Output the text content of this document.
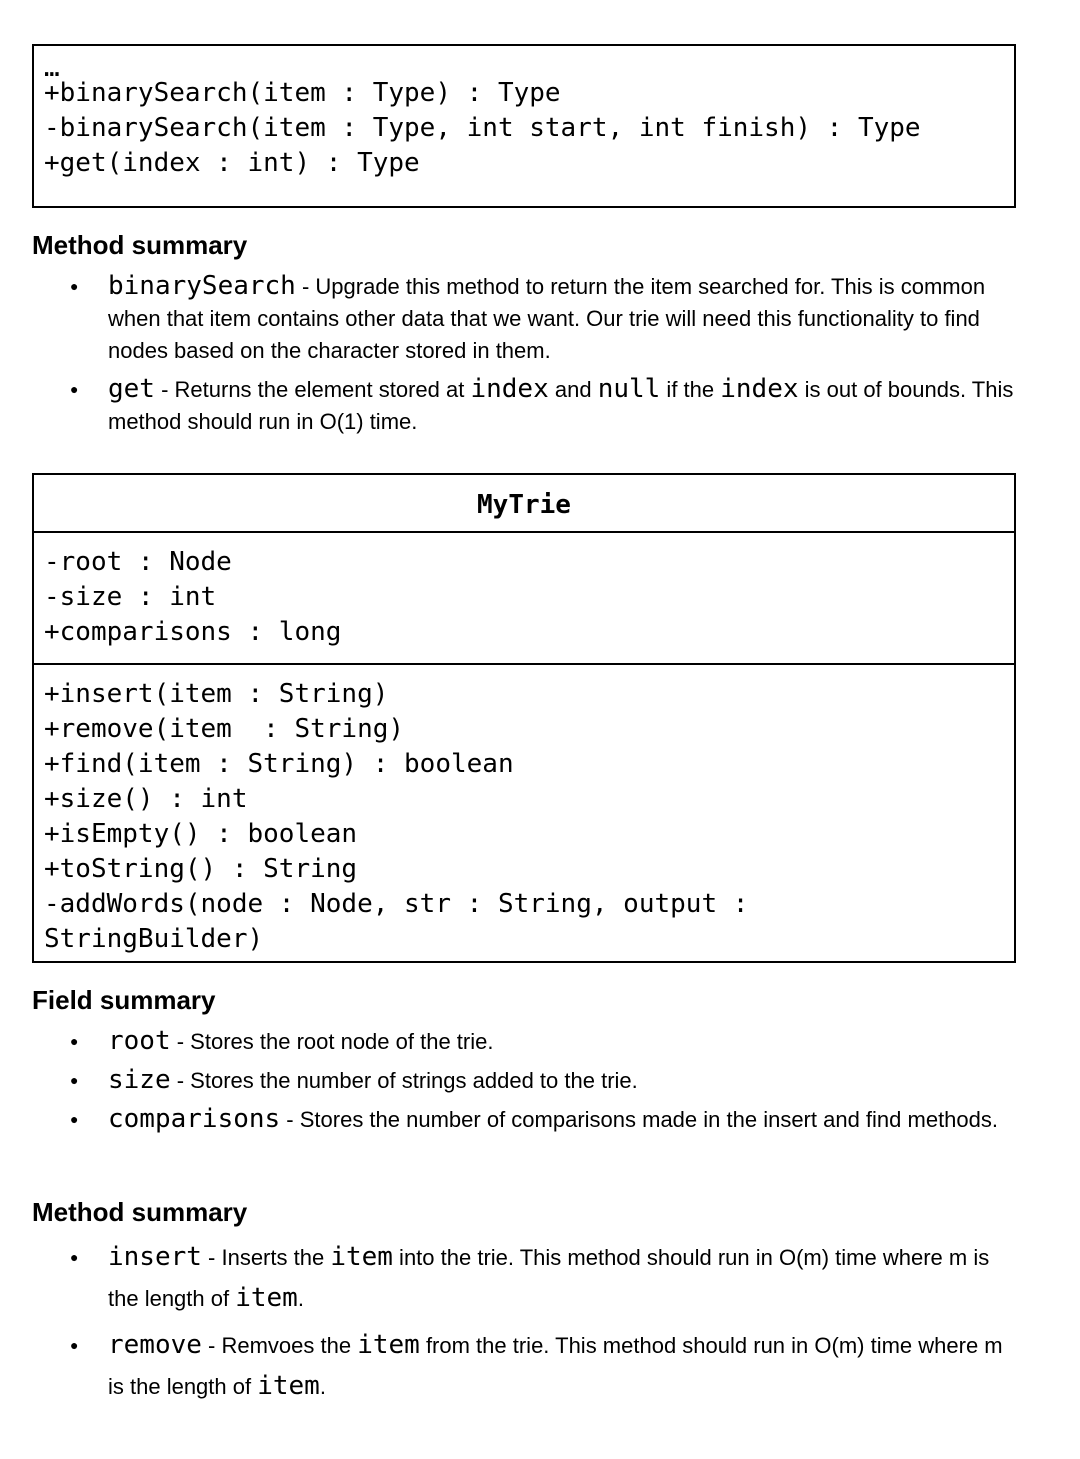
…
+binarySearch(item : Type) : Type
-binarySearch(item : Type, int start, int finish) : Type
+get(index : int) : Type
Method summary
● binarySearch - Upgrade this method to return the item searched for. This is common when that item contains other data that we want. Our trie will need this functionality to find nodes based on the character stored in them.
● get - Returns the element stored at index and null if the index is out of bounds. This method should run in O(1) time.
MyTrie
-root : Node
-size : int
+comparisons : long
+insert(item : String)
+remove(item  : String)
+find(item : String) : boolean
+size() : int
+isEmpty() : boolean
+toString() : String
-addWords(node : Node, str : String, output :
StringBuilder)
Field summary
● root - Stores the root node of the trie.
● size - Stores the number of strings added to the trie.
● comparisons - Stores the number of comparisons made in the insert and find methods.
Method summary
● insert - Inserts the item into the trie. This method should run in O(m) time where m is the length of item.
● remove - Remvoes the item from the trie. This method should run in O(m) time where m is the length of item.
